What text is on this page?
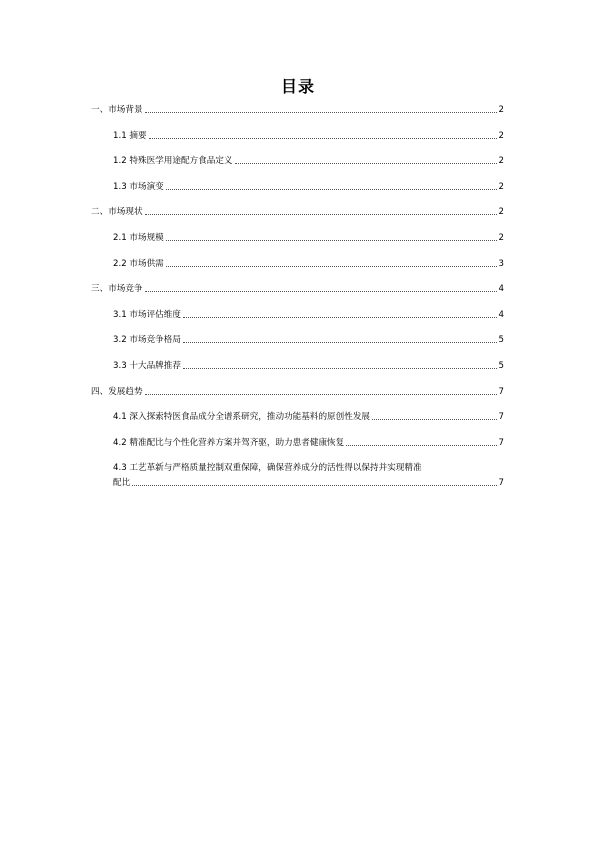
目录
一、市场背景	2
1.1 摘要	2
1.2 特殊医学用途配方食品定义	2
1.3 市场演变	2
二、市场现状	2
2.1 市场规模	2
2.2 市场供需	3
三、市场竞争	4
3.1 市场评估维度	4
3.2 市场竞争格局	5
3.3 十大品牌推荐	5
四、发展趋势	7
4.1 深入探索特医食品成分全谱系研究，推动功能基料的原创性发展	7
4.2 精准配比与个性化营养方案并驾齐驱，助力患者健康恢复	7
4.3 工艺革新与严格质量控制双重保障，确保营养成分的活性得以保持并实现精准
配比	7
